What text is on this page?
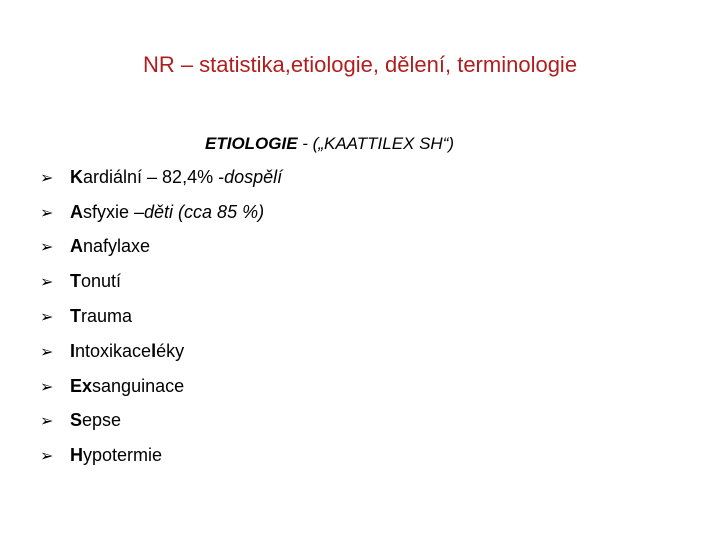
NR – statistika,etiologie, dělení, terminologie
ETIOLOGIE - („KAATTILEX SH“)
➢ K ardiální – 82,4% - dospělí
➢ A sfyxie – děti (cca 85 %)
➢ A nafylaxe
➢ T onutí
➢ T rauma
➢ I ntoxikace l éky
➢ Ex sanguinace
➢ S epse
➢ H ypotermie
